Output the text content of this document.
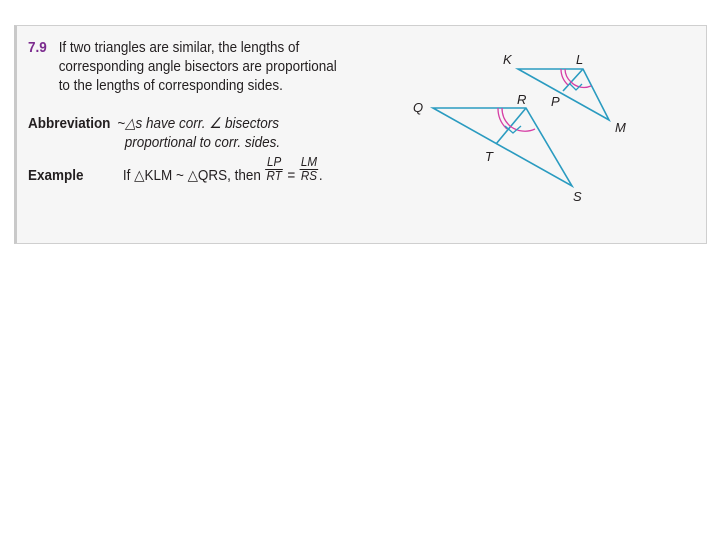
7.9 If two triangles are similar, the lengths of
corresponding angle bisectors are proportional
to the lengths of corresponding sides.
Abbreviation ~△s have corr. ∠ bisectors
proportional to corr. sides.
Example	If △KLM ~ △QRS, then $\frac{LP}{RT} = \frac{LM}{RS}$ .
K	L
P
M
Q
R
T
S
